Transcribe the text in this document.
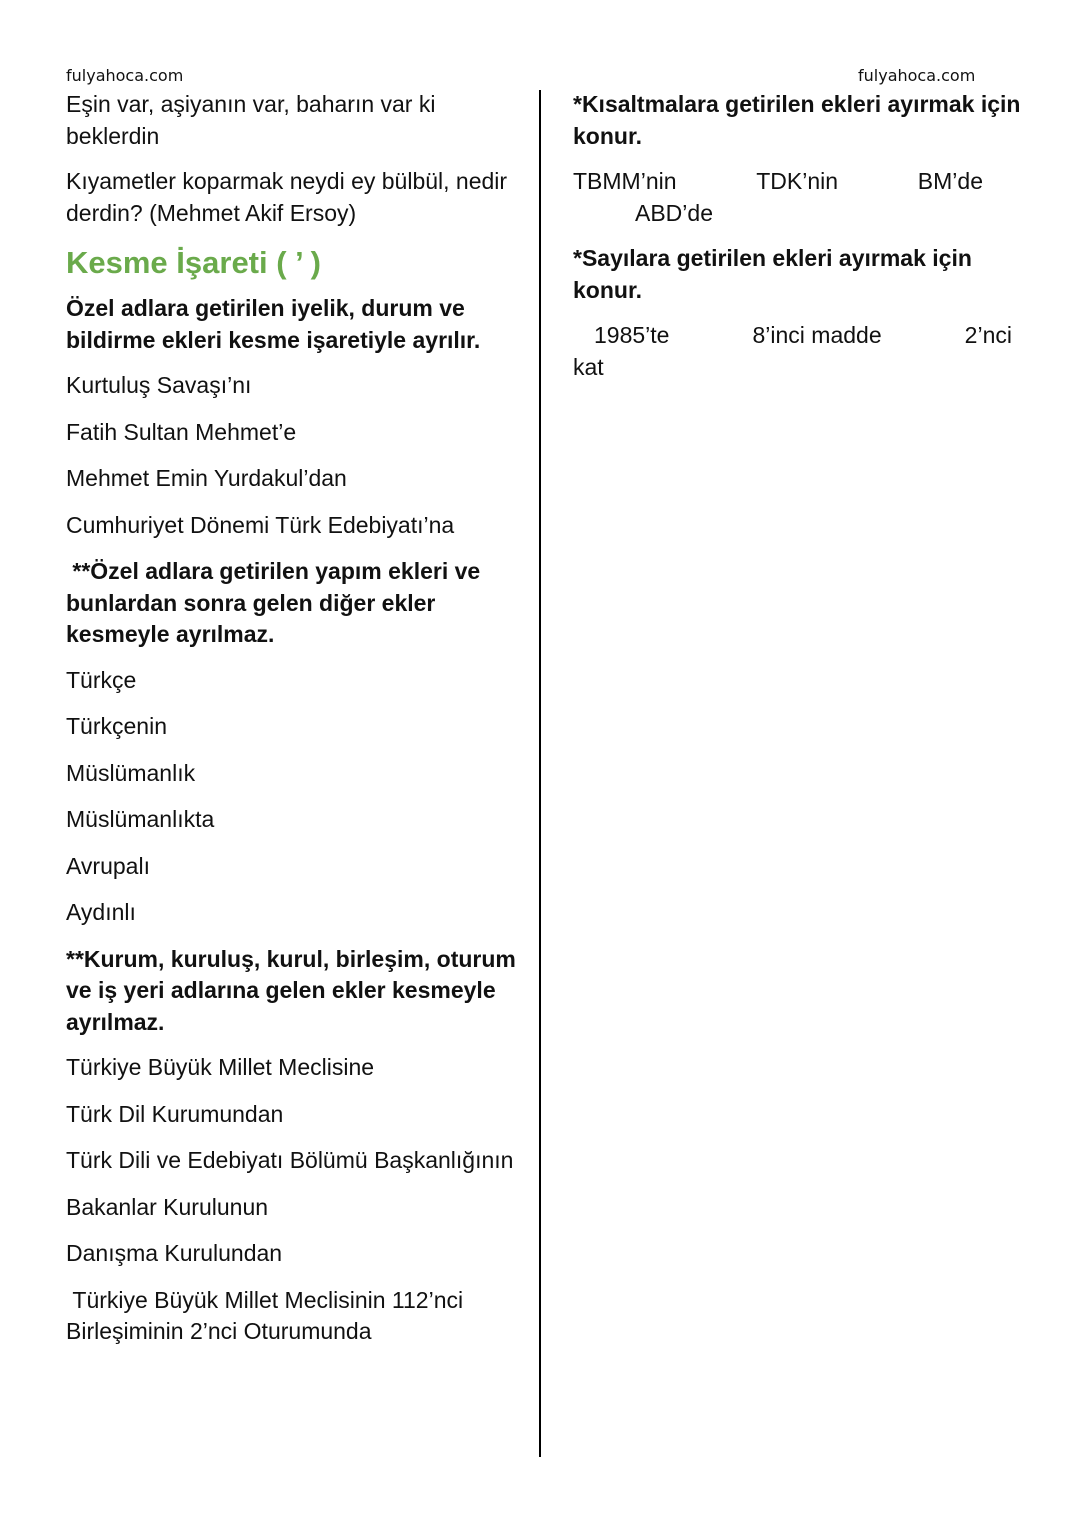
fulyahoca.com	fulyahoca.com

Eşin var, aşiyanın var, baharın var ki beklerdin

Kıyametler koparmak neydi ey bülbül, nedir derdin? (Mehmet Akif Ersoy)

Kesme İşareti ( ’ )

Özel adlara getirilen iyelik, durum ve bildirme ekleri kesme işaretiyle ayrılır.

Kurtuluş Savaşı’nı

Fatih Sultan Mehmet’e

Mehmet Emin Yurdakul’dan

Cumhuriyet Dönemi Türk Edebiyatı’na

**Özel adlara getirilen yapım ekleri ve bunlardan sonra gelen diğer ekler kesmeyle ayrılmaz.

Türkçe

Türkçenin

Müslümanlık

Müslümanlıkta

Avrupalı

Aydınlı

**Kurum, kuruluş, kurul, birleşim, oturum ve iş yeri adlarına gelen ekler kesmeyle ayrılmaz.

Türkiye Büyük Millet Meclisine

Türk Dil Kurumundan

Türk Dili ve Edebiyatı Bölümü Başkanlığının

Bakanlar Kurulunun

Danışma Kurulundan

Türkiye Büyük Millet Meclisinin 112’nci Birleşiminin 2’nci Oturumunda

*Kısaltmalara getirilen ekleri ayırmak için konur.

TBMM’nin	TDK’nin	BM’de
ABD’de

*Sayılara getirilen ekleri ayırmak için konur.

1985’te	8’inci madde	2’nci
kat
